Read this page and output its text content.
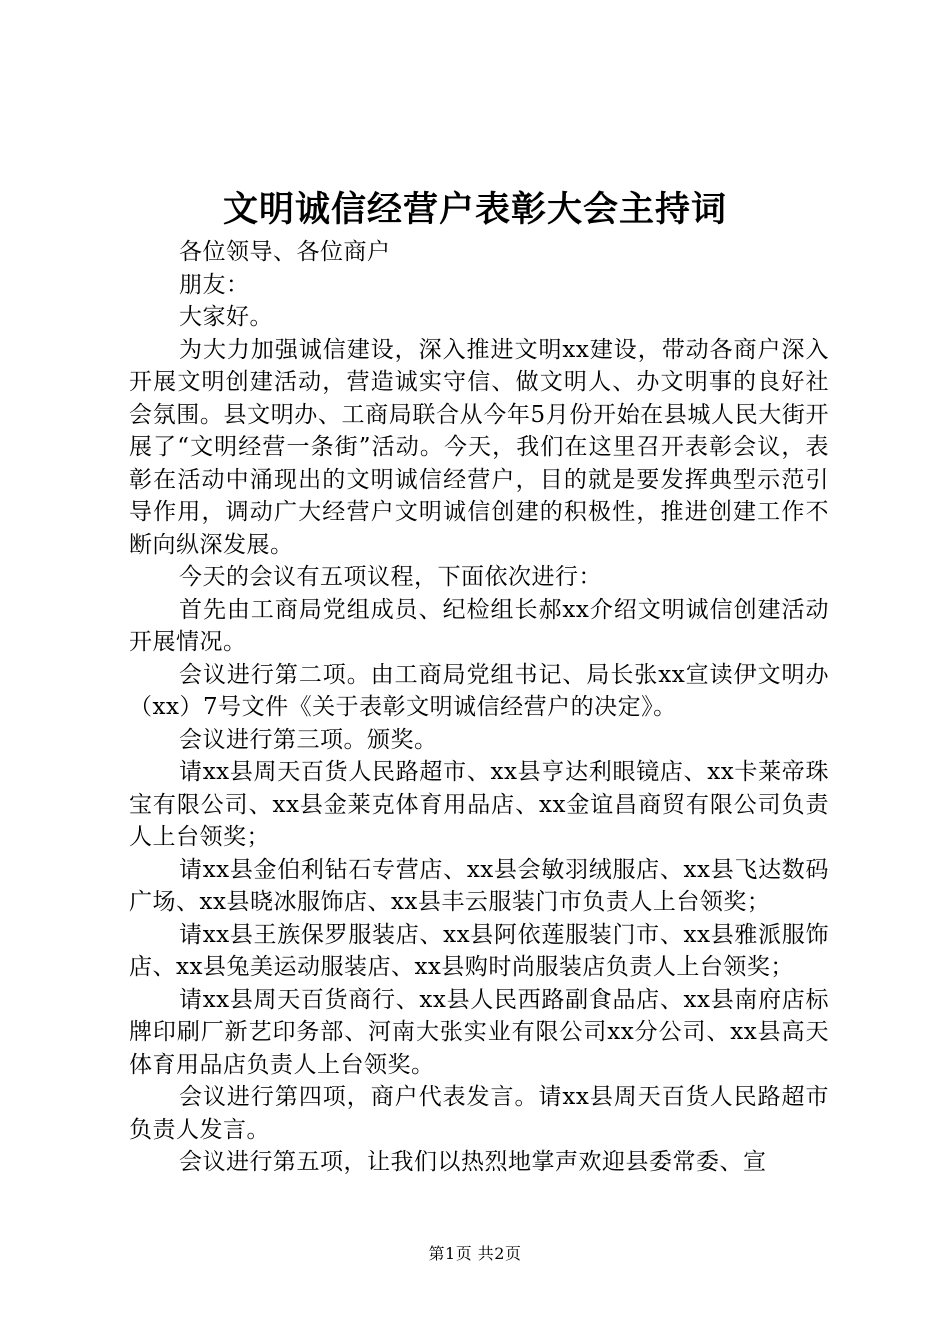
文明诚信经营户表彰大会主持词

各位领导、各位商户

朋友：

大家好。

为大力加强诚信建设，深入推进文明xx建设，带动各商户深入开展文明创建活动，营造诚实守信、做文明人、办文明事的良好社会氛围。县文明办、工商局联合从今年5月份开始在县城人民大街开展了“文明经营一条街”活动。今天，我们在这里召开表彰会议，表彰在活动中涌现出的文明诚信经营户，目的就是要发挥典型示范引导作用，调动广大经营户文明诚信创建的积极性，推进创建工作不断向纵深发展。

今天的会议有五项议程，下面依次进行：

首先由工商局党组成员、纪检组长郝xx介绍文明诚信创建活动开展情况。

会议进行第二项。由工商局党组书记、局长张xx宣读伊文明办（xx）7号文件《关于表彰文明诚信经营户的决定》。

会议进行第三项。颁奖。

请xx县周天百货人民路超市、xx县亨达利眼镜店、xx卡莱帝珠宝有限公司、xx县金莱克体育用品店、xx金谊昌商贸有限公司负责人上台领奖；

请xx县金伯利钻石专营店、xx县会敏羽绒服店、xx县飞达数码广场、xx县晓冰服饰店、xx县丰云服装门市负责人上台领奖；

请xx县王族保罗服装店、xx县阿依莲服装门市、xx县雅派服饰店、xx县兔美运动服装店、xx县购时尚服装店负责人上台领奖；

请xx县周天百货商行、xx县人民西路副食品店、xx县南府店标牌印刷厂新艺印务部、河南大张实业有限公司xx分公司、xx县高天体育用品店负责人上台领奖。

会议进行第四项，商户代表发言。请xx县周天百货人民路超市负责人发言。

会议进行第五项，让我们以热烈地掌声欢迎县委常委、宣

第1页 共2页
